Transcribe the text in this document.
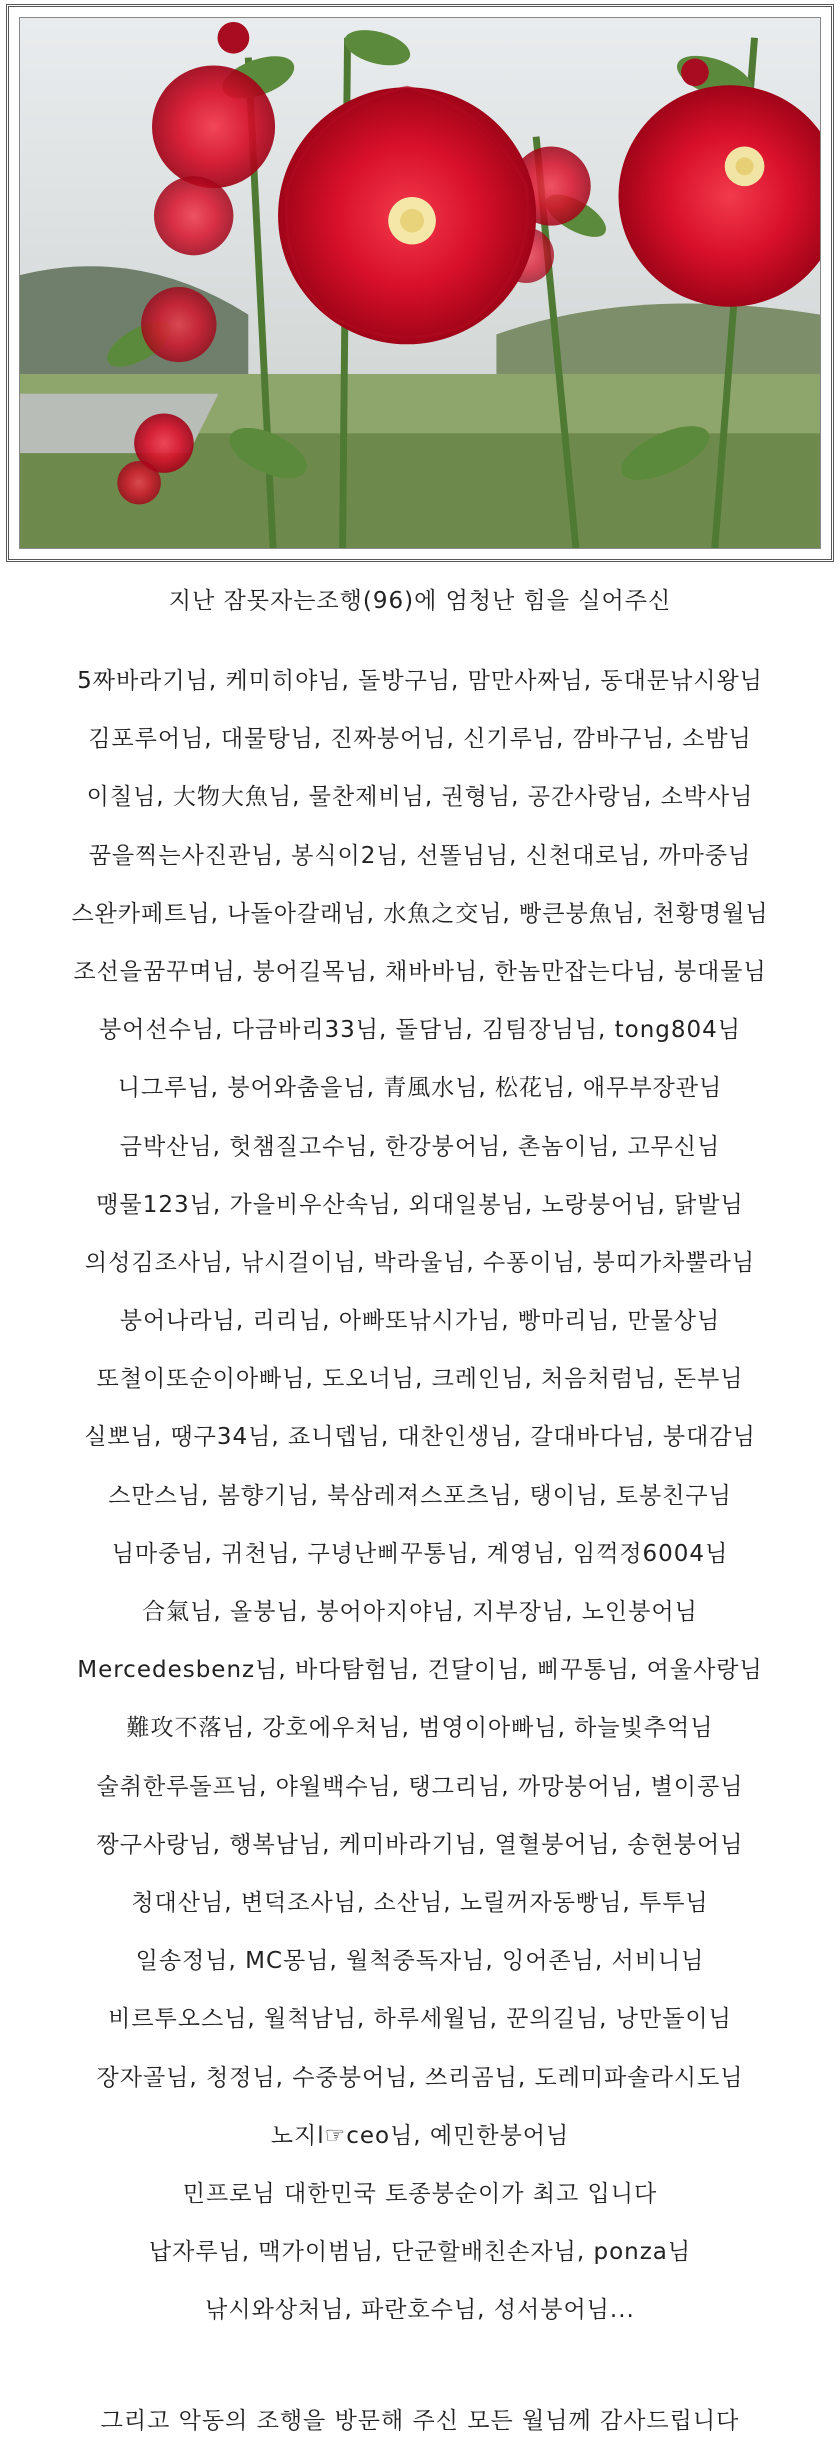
지난 잠못자는조행(96)에 엄청난 힘을 실어주신
5짜바라기님, 케미히야님, 돌방구님, 맘만사짜님, 동대문낚시왕님
김포루어님, 대물탕님, 진짜붕어님, 신기루님, 깜바구님, 소밤님
이칠님, 大物大魚님, 물찬제비님, 권형님, 공간사랑님, 소박사님
꿈을찍는사진관님, 봉식이2님, 선똘님님, 신천대로님, 까마중님
스완카페트님, 나돌아갈래님, 水魚之交님, 빵큰붕魚님, 천황명월님
조선을꿈꾸며님, 붕어길목님, 채바바님, 한놈만잡는다님, 붕대물님
붕어선수님, 다금바리33님, 돌담님, 김팀장님님, tong804님
니그루님, 붕어와춤을님, 青風水님, 松花님, 애무부장관님
금박산님, 헛챔질고수님, 한강붕어님, 촌놈이님, 고무신님
맹물123님, 가을비우산속님, 외대일봉님, 노랑붕어님, 닭발님
의성김조사님, 낚시걸이님, 박라울님, 수퐁이님, 붕띠가차뿔라님
붕어나라님, 리리님, 아빠또낚시가님, 빵마리님, 만물상님
또철이또순이아빠님, 도오너님, 크레인님, 처음처럼님, 돈부님
실뽀님, 땡구34님, 죠니뎁님, 대찬인생님, 갈대바다님, 붕대감님
스만스님, 봄향기님, 북삼레져스포츠님, 탱이님, 토봉친구님
님마중님, 귀천님, 구녕난삐꾸통님, 계영님, 임꺽정6004님
合氣님, 올붕님, 붕어아지야님, 지부장님, 노인붕어님
Mercedesbenz님, 바다탐험님, 건달이님, 삐꾸통님, 여울사랑님
難攻不落님, 강호에우처님, 범영이아빠님, 하늘빛추억님
술취한루돌프님, 야월백수님, 탱그리님, 까망붕어님, 별이콩님
짱구사랑님, 행복남님, 케미바라기님, 열혈붕어님, 송현붕어님
청대산님, 변덕조사님, 소산님, 노릴꺼자동빵님, 투투님
일송정님, MC몽님, 월척중독자님, 잉어존님, 서비니님
비르투오스님, 월척남님, 하루세월님, 꾼의길님, 낭만돌이님
장자골님, 청정님, 수중붕어님, 쓰리곰님, 도레미파솔라시도님
노지l☞ceo님, 예민한붕어님
민프로님 대한민국 토종붕순이가 최고 입니다
납자루님, 맥가이범님, 단군할배친손자님, ponza님
낚시와상처님, 파란호수님, 성서붕어님...
그리고 악동의 조행을 방문해 주신 모든 월님께 감사드립니다
